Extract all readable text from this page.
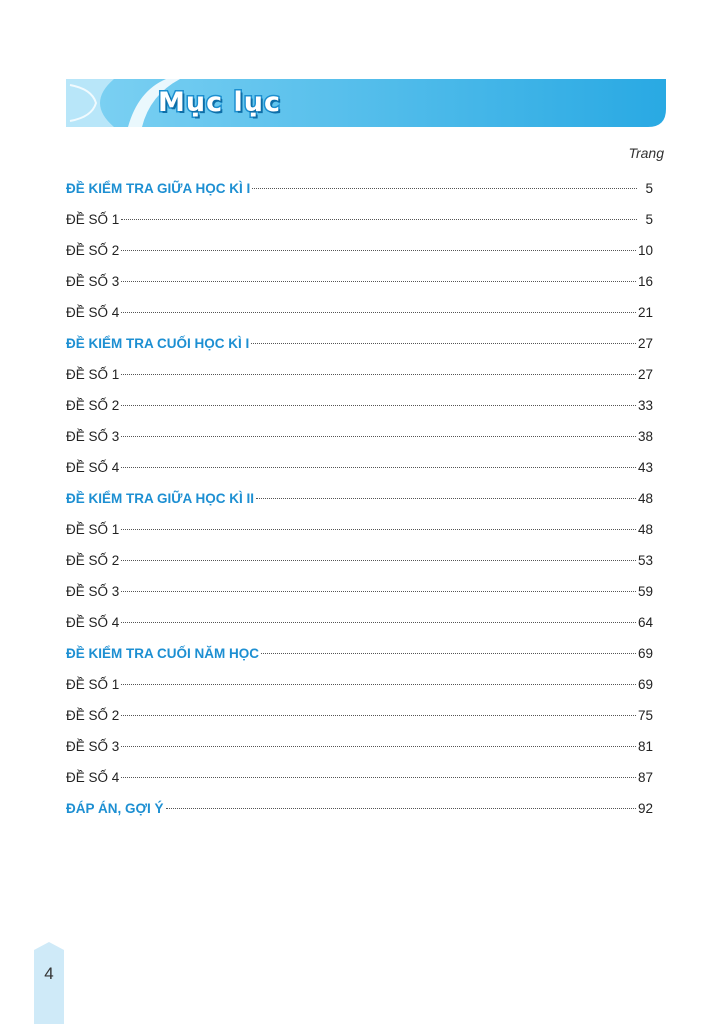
Mục lục
Trang
ĐỀ KIỂM TRA GIỮA HỌC KÌ I	5
ĐỀ SỐ 1	5
ĐỀ SỐ 2	10
ĐỀ SỐ 3	16
ĐỀ SỐ 4	21
ĐỀ KIỂM TRA CUỐI HỌC KÌ I	27
ĐỀ SỐ 1	27
ĐỀ SỐ 2	33
ĐỀ SỐ 3	38
ĐỀ SỐ 4	43
ĐỀ KIỂM TRA GIỮA HỌC KÌ II	48
ĐỀ SỐ 1	48
ĐỀ SỐ 2	53
ĐỀ SỐ 3	59
ĐỀ SỐ 4	64
ĐỀ KIỂM TRA CUỐI NĂM HỌC	69
ĐỀ SỐ 1	69
ĐỀ SỐ 2	75
ĐỀ SỐ 3	81
ĐỀ SỐ 4	87
ĐÁP ÁN, GỢI Ý	92
4
